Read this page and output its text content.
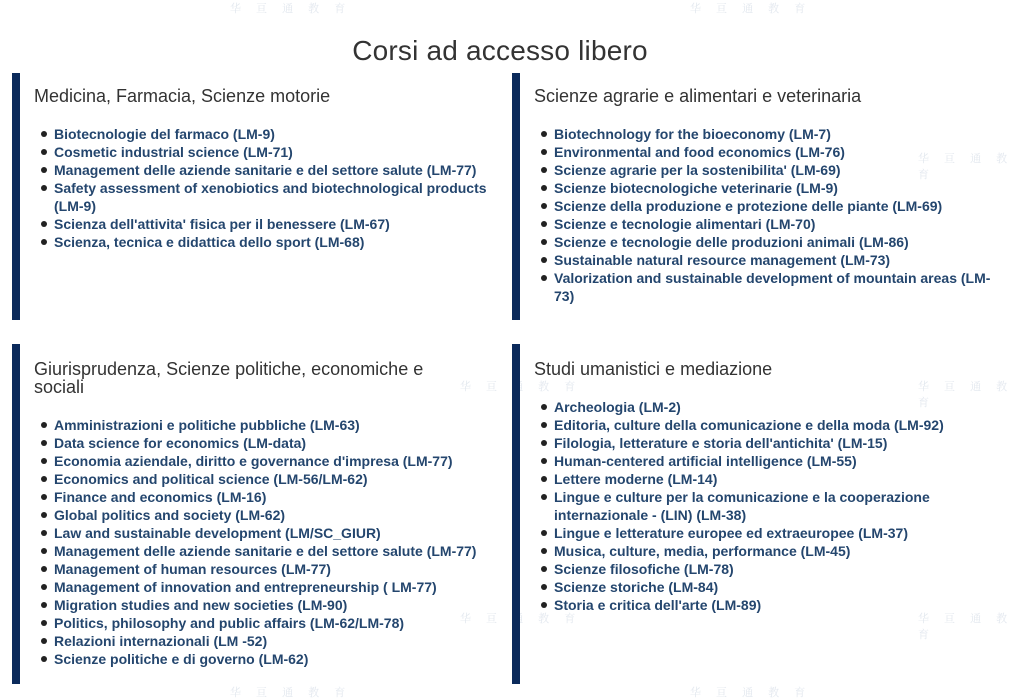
华 亘 通 教 育	华 亘 通 教 育
华 亘 通 教 育
华 亘 通 教 育	华 亘 通 教 育
华 亘 通 教 育	华 亘 通 教 育
华 亘 通 教 育	华 亘 通 教 育
Corsi ad accesso libero
Medicina, Farmacia, Scienze motorie
Biotecnologie del farmaco (LM-9)
Cosmetic industrial science (LM-71)
Management delle aziende sanitarie e del settore salute (LM-77)
Safety assessment of xenobiotics and biotechnological products (LM-9)
Scienza dell'attivita' fisica per il benessere (LM-67)
Scienza, tecnica e didattica dello sport (LM-68)
Scienze agrarie e alimentari e veterinaria
Biotechnology for the bioeconomy (LM-7)
Environmental and food economics (LM-76)
Scienze agrarie per la sostenibilita' (LM-69)
Scienze biotecnologiche veterinarie (LM-9)
Scienze della produzione e protezione delle piante (LM-69)
Scienze e tecnologie alimentari (LM-70)
Scienze e tecnologie delle produzioni animali (LM-86)
Sustainable natural resource management (LM-73)
Valorization and sustainable development of mountain areas (LM-73)
Giurisprudenza, Scienze politiche, economiche e sociali
Amministrazioni e politiche pubbliche (LM-63)
Data science for economics (LM-data)
Economia aziendale, diritto e governance d'impresa (LM-77)
Economics and political science (LM-56/LM-62)
Finance and economics (LM-16)
Global politics and society (LM-62)
Law and sustainable development (LM/SC_GIUR)
Management delle aziende sanitarie e del settore salute (LM-77)
Management of human resources (LM-77)
Management of innovation and entrepreneurship ( LM-77)
Migration studies and new societies (LM-90)
Politics, philosophy and public affairs (LM-62/LM-78)
Relazioni internazionali (LM -52)
Scienze politiche e di governo (LM-62)
Studi umanistici e mediazione
Archeologia (LM-2)
Editoria, culture della comunicazione e della moda (LM-92)
Filologia, letterature e storia dell'antichita' (LM-15)
Human-centered artificial intelligence (LM-55)
Lettere moderne (LM-14)
Lingue e culture per la comunicazione e la cooperazione internazionale - (LIN) (LM-38)
Lingue e letterature europee ed extraeuropee (LM-37)
Musica, culture, media, performance (LM-45)
Scienze filosofiche (LM-78)
Scienze storiche (LM-84)
Storia e critica dell'arte (LM-89)
